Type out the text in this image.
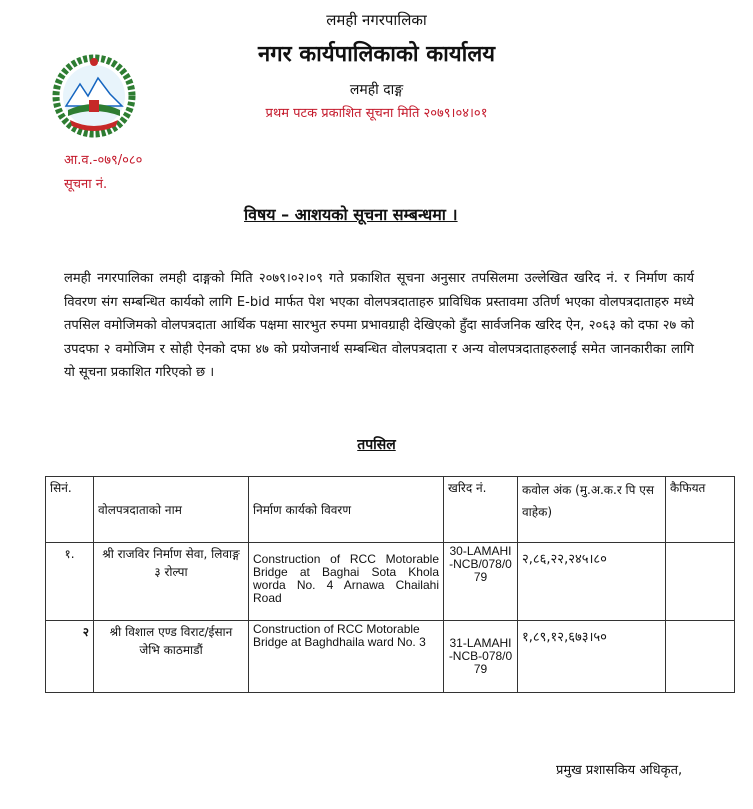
लमही नगरपालिका
नगर कार्यपालिकाको कार्यालय
लमही दाङ्ग
प्रथम पटक प्रकाशित सूचना मिति २०७९।०४।०१
आ.व.-०७९/०८०
सूचना नं.
विषय – आशयको सूचना सम्बन्धमा ।
लमही नगरपालिका लमही दाङ्गको मिति २०७९।०२।०९ गते प्रकाशित सूचना अनुसार तपसिलमा उल्लेखित खरिद नं. र निर्माण कार्य विवरण संग सम्बन्धित कार्यको लागि E-bid मार्फत पेश भएका वोलपत्रदाताहरु प्राविधिक प्रस्तावमा उतिर्ण भएका वोलपत्रदाताहरु मध्ये तपसिल वमोजिमको वोलपत्रदाता आर्थिक पक्षमा सारभुत रुपमा प्रभावग्राही देखिएको हुँदा सार्वजनिक खरिद ऐन, २०६३ को दफा २७ को उपदफा २ वमोजिम र सोही ऐनको दफा ४७ को प्रयोजनार्थ सम्बन्धित वोलपत्रदाता र अन्य वोलपत्रदाताहरुलाई समेत जानकारीका लागि यो सूचना प्रकाशित गरिएको छ ।
तपसिल
सिनं.	वोलपत्रदाताको नाम	निर्माण कार्यको विवरण	खरिद नं.	कवोल अंक (मु.अ.क.र पि एस वाहेक)	कैफियत
१.	श्री राजविर निर्माण सेवा, लिवाङ्ग ३ रोल्पा	Construction of RCC Motorable Bridge at Baghai Sota Khola worda No. 4 Arnawa Chailahi Road	30-LAMAHI-NCB/078/079	२,८६,२२,२४५।८०	
२	श्री विशाल एण्ड विराट/ईसान जेभि काठमाडौं	Construction of RCC Motorable Bridge at Baghdhaila ward No. 3	31-LAMAHI-NCB-078/079	१,८९,१२,६७३।५०	
प्रमुख प्रशासकिय अधिकृत,
